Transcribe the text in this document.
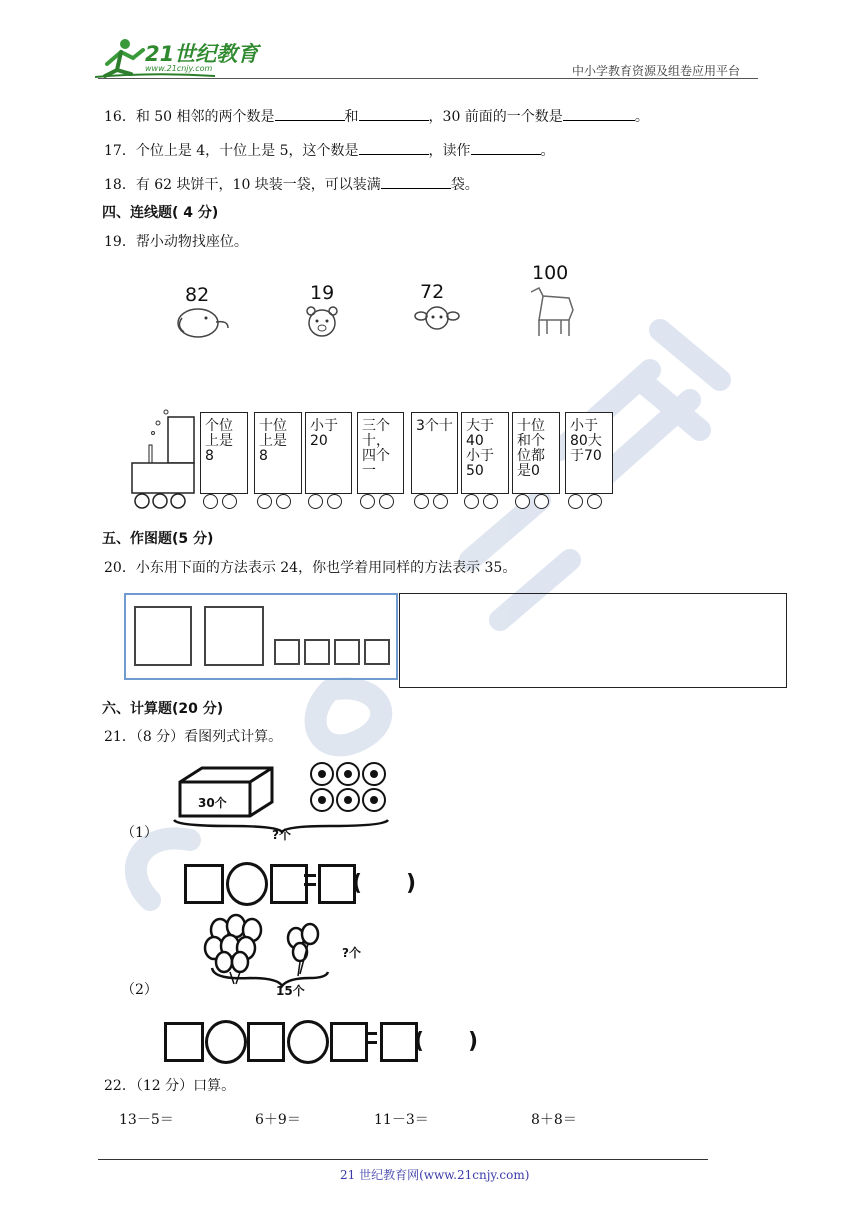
21世纪教育
www.21cnjy.com	中小学教育资源及组卷应用平台
16．和 50 相邻的两个数是	和	，30 前面的一个数是	。
17．个位上是 4，十位上是 5，这个数是	，读作	。
18．有 62 块饼干，10 块装一袋，可以装满	袋。
四、连线题( 4 分)
19．帮小动物找座位。
82	19	72
100
个位
上是
8
十位
上是
8
小于
20
三个
十，
四个
一
3个十 大于
40
小于
50
十位
和个
位都
是0
小于
80大
于70
五、作图题(5 分)
20．小东用下面的方法表示 24，你也学着用同样的方法表示 35。
六、计算题(20 分)
21．（8 分）看图列式计算。
（1）
30个
?个
(　　)
（2）
?个
15个
(　　)
22．（12 分）口算。
13－5＝	6＋9＝	11－3＝	8＋8＝
21 世纪教育网(www.21cnjy.com)
